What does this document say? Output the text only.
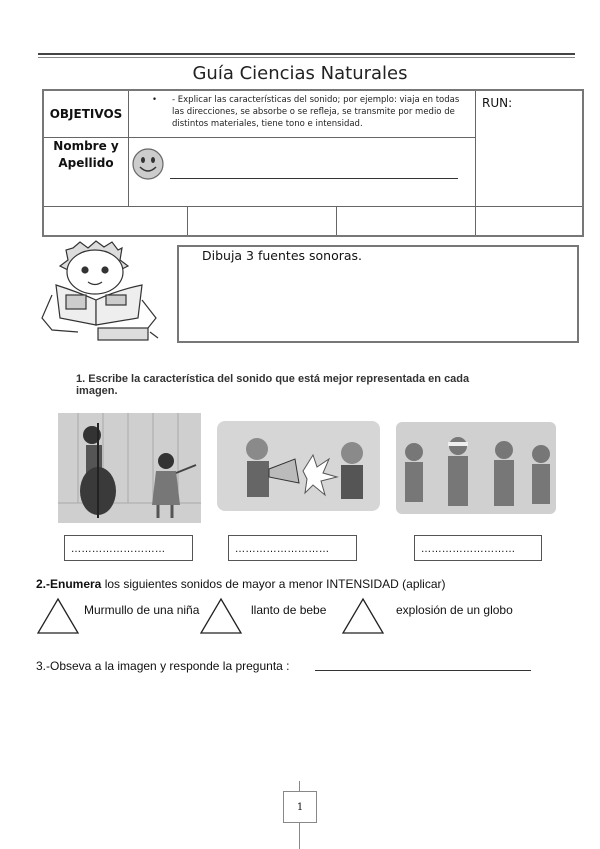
Guía Ciencias Naturales
OBJETIVOS
• - Explicar las características del sonido; por ejemplo: viaja en todas las direcciones, se absorbe o se refleja, se transmite por medio de distintos materiales, tiene tono e intensidad.
Nombre y
Apellido
RUN:
Dibuja 3 fuentes sonoras.
1. Escribe la característica del sonido que está mejor representada en cada imagen.
………………………	………………………	………………………
2.-Enumera los siguientes sonidos de mayor a menor INTENSIDAD (aplicar)
Murmullo de una niña	llanto de bebe	explosión de un globo
3.-Obseva a la imagen y responde la pregunta :
1
